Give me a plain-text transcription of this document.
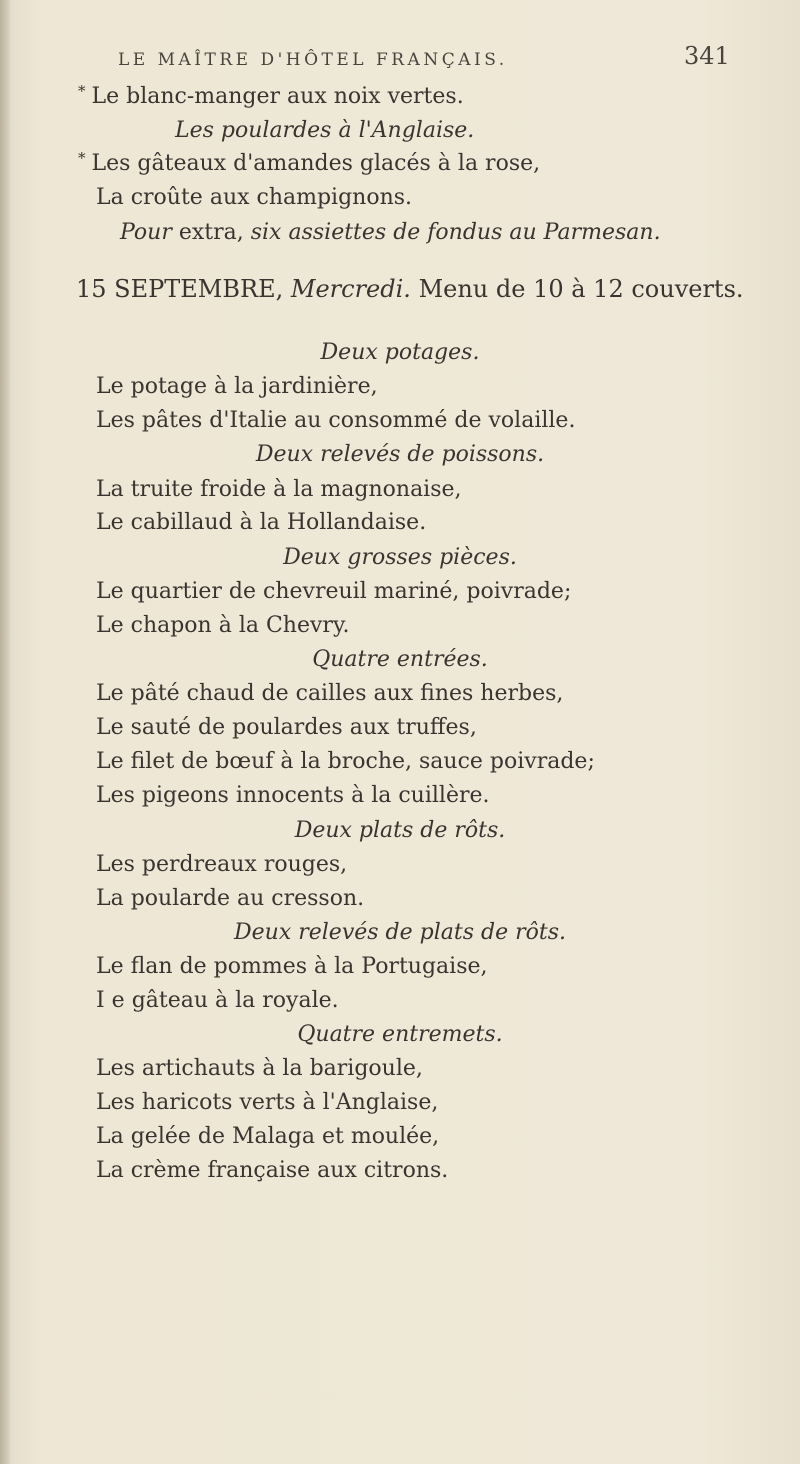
LE MAÎTRE D'HÔTEL FRANÇAIS.	341
* Le blanc-manger aux noix vertes.
Les poulardes à l'Anglaise.
* Les gâteaux d'amandes glacés à la rose,
La croûte aux champignons.
Pour extra, six assiettes de fondus au Parmesan.
15 SEPTEMBRE, Mercredi. Menu de 10 à 12 couverts.
Deux potages.
Le potage à la jardinière,
Les pâtes d'Italie au consommé de volaille.
Deux relevés de poissons.
La truite froide à la magnonaise,
Le cabillaud à la Hollandaise.
Deux grosses pièces.
Le quartier de chevreuil mariné, poivrade;
Le chapon à la Chevry.
Quatre entrées.
Le pâté chaud de cailles aux fines herbes,
Le sauté de poulardes aux truffes,
Le filet de bœuf à la broche, sauce poivrade;
Les pigeons innocents à la cuillère.
Deux plats de rôts.
Les perdreaux rouges,
La poularde au cresson.
Deux relevés de plats de rôts.
Le flan de pommes à la Portugaise,
I e gâteau à la royale.
Quatre entremets.
Les artichauts à la barigoule,
Les haricots verts à l'Anglaise,
La gelée de Malaga et moulée,
La crème française aux citrons.
